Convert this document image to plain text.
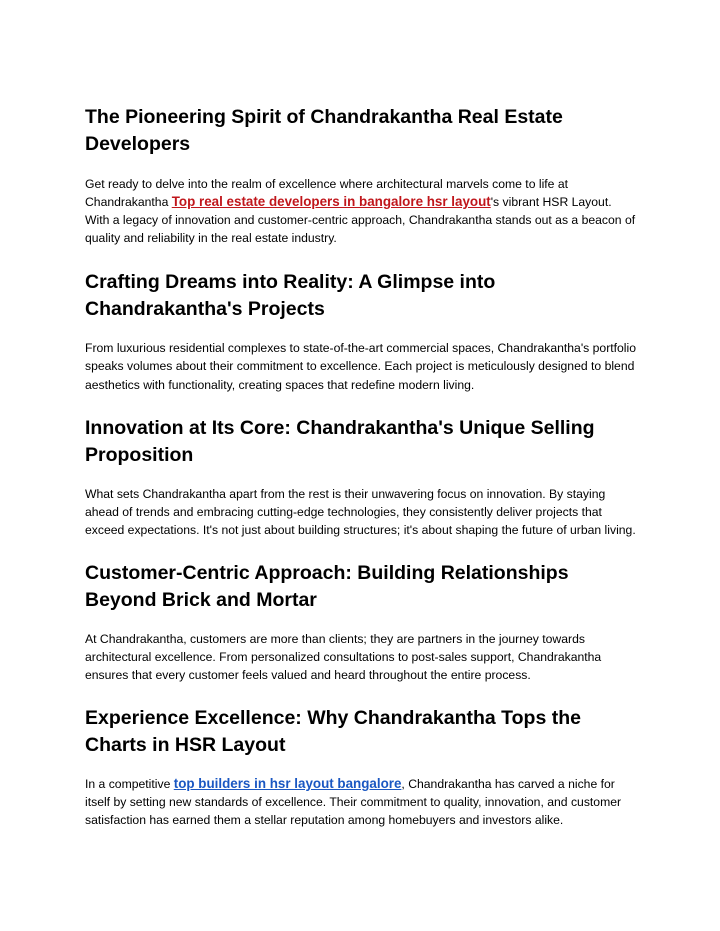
The Pioneering Spirit of Chandrakantha Real Estate Developers

Get ready to delve into the realm of excellence where architectural marvels come to life at Chandrakantha Top real estate developers in bangalore hsr layout's vibrant HSR Layout. With a legacy of innovation and customer-centric approach, Chandrakantha stands out as a beacon of quality and reliability in the real estate industry.

Crafting Dreams into Reality: A Glimpse into Chandrakantha's Projects

From luxurious residential complexes to state-of-the-art commercial spaces, Chandrakantha's portfolio speaks volumes about their commitment to excellence. Each project is meticulously designed to blend aesthetics with functionality, creating spaces that redefine modern living.

Innovation at Its Core: Chandrakantha's Unique Selling Proposition

What sets Chandrakantha apart from the rest is their unwavering focus on innovation. By staying ahead of trends and embracing cutting-edge technologies, they consistently deliver projects that exceed expectations. It's not just about building structures; it's about shaping the future of urban living.

Customer-Centric Approach: Building Relationships Beyond Brick and Mortar

At Chandrakantha, customers are more than clients; they are partners in the journey towards architectural excellence. From personalized consultations to post-sales support, Chandrakantha ensures that every customer feels valued and heard throughout the entire process.

Experience Excellence: Why Chandrakantha Tops the Charts in HSR Layout

In a competitive top builders in hsr layout bangalore, Chandrakantha has carved a niche for itself by setting new standards of excellence. Their commitment to quality, innovation, and customer satisfaction has earned them a stellar reputation among homebuyers and investors alike.
